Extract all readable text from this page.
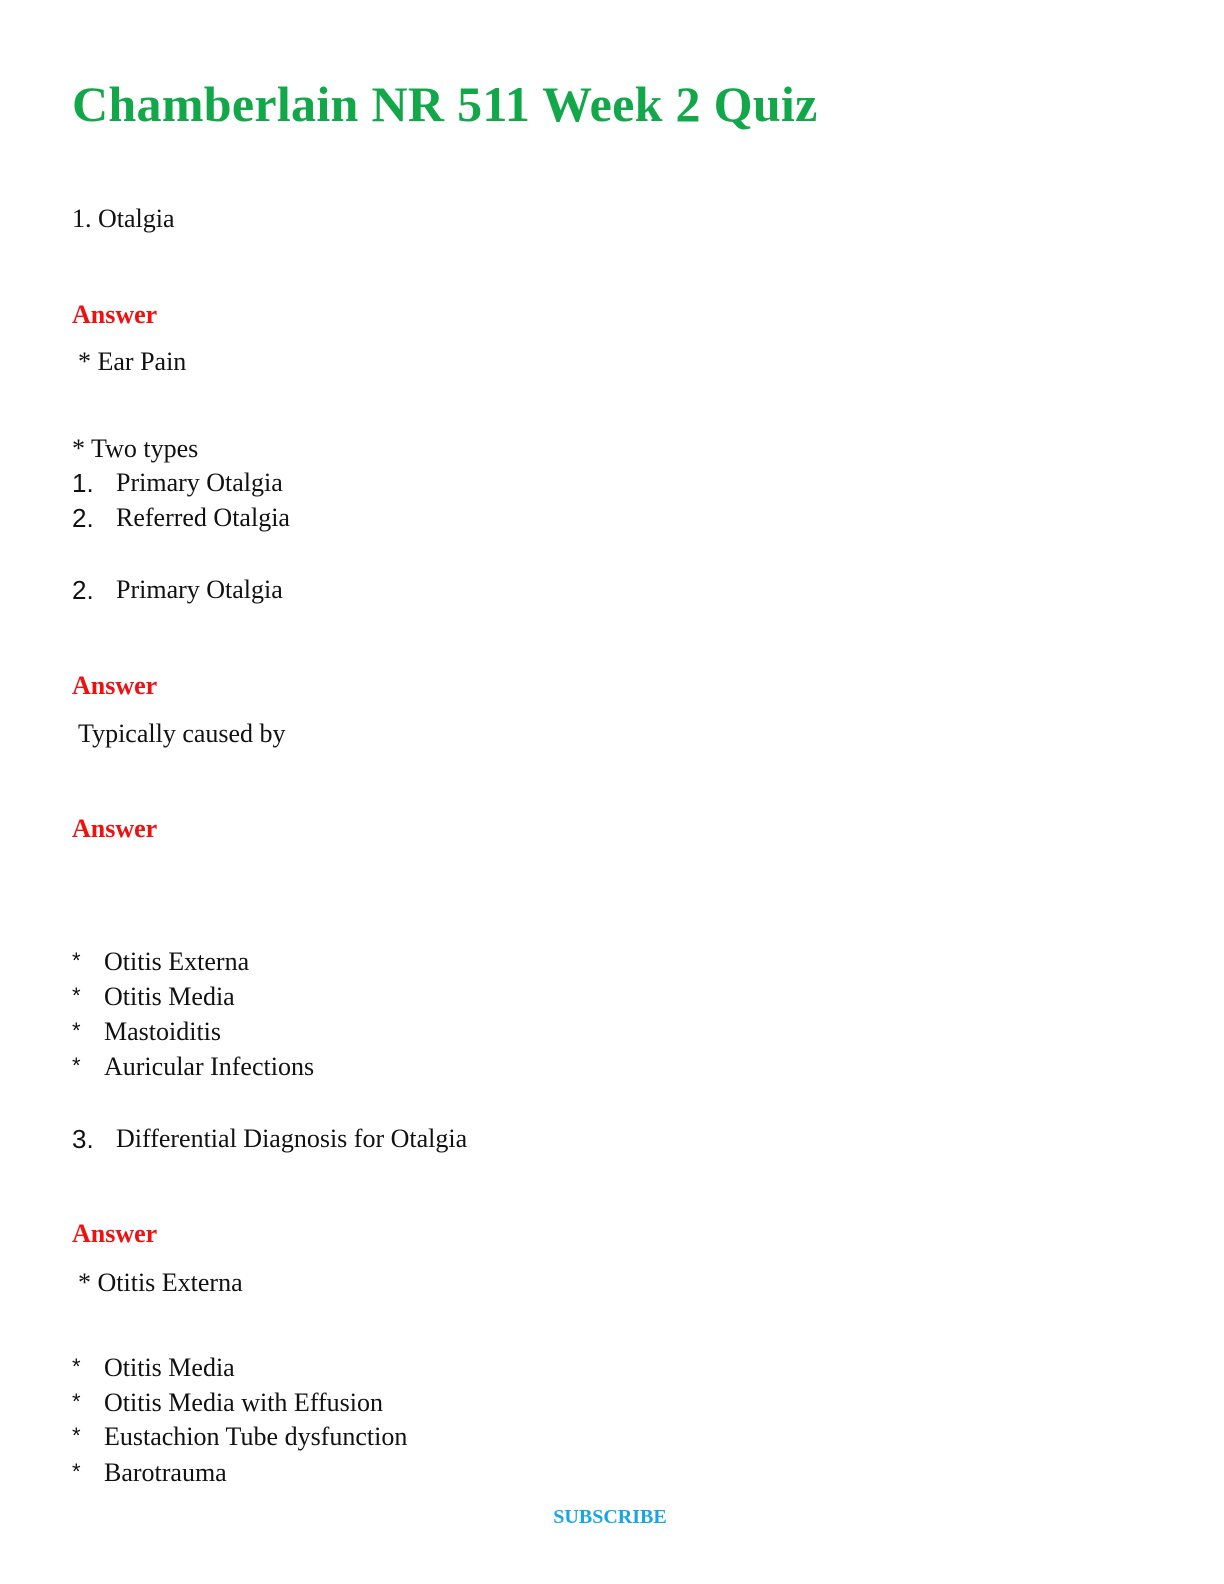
Chamberlain NR 511 Week 2 Quiz
1. Otalgia
Answer
* Ear Pain
* Two types
1. Primary Otalgia
2. Referred Otalgia
2. Primary Otalgia
Answer
Typically caused by
Answer
* Otitis Externa
* Otitis Media
* Mastoiditis
* Auricular Infections
3. Differential Diagnosis for Otalgia
Answer
* Otitis Externa
* Otitis Media
* Otitis Media with Effusion
* Eustachion Tube dysfunction
* Barotrauma
SUBSCRIBE
